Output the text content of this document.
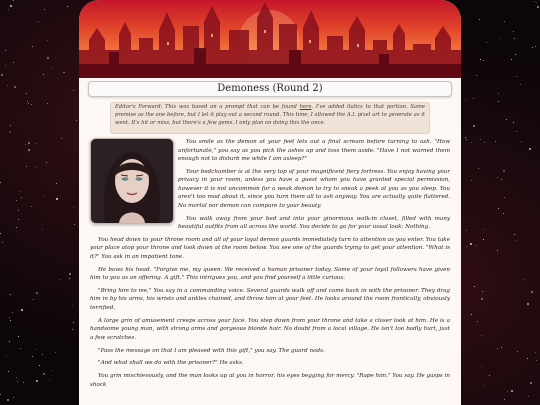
Demoness (Round 2)
Editor's Forward: This was based on a prompt that can be found here. I've added italics to that portion. Same premise as the one before, but I let it play out a second round. This time, I allowed the A.I. pixel art to generate as it went. It's hit or miss, but there's a few gems. I only plan on doing this the once.

You smile as the demon at your feet lets out a final scream before turning to ash. "How unfortunate," you say as you pick the ashes up and toss them aside. "Have I not warned them enough not to disturb me while I am asleep?"

Your bedchamber is at the very top of your magnificent fiery fortress. You enjoy having your privacy in your room, unless you have a guest whom you have granted special permission, however it is not uncommon for a weak demon to try to sneak a peek at you as you sleep. You aren't too mad about it, since you turn them all to ash anyway. You are actually quite flattered. No mortal nor demon can compare to your beauty.

You walk away from your bed and into your ginormous walk-in closet, filled with many beautiful outfits from all across the world. You decide to go for your usual look: Nothing.

You head down to your throne room and all of your loyal demon guards immediately turn to attention as you enter. You take your place atop your throne and look down at the room below. You see one of the guards trying to get your attention. "What is it?" You ask in an impatient tone.

He bows his head. "Forgive me, my queen. We received a human prisoner today. Some of your loyal followers have given him to you as an offering. A gift." This intrigues you, and you find yourself a little curious.

"Bring him to me," You say in a commanding voice. Several guards walk off and come back in with the prisoner. They drag him in by his arms, his wrists and ankles chained, and throw him at your feet. He looks around the room frantically, obviously terrified.

A large grin of amusement creeps across your face. You step down from your throne and take a closer look at him. He is a handsome young man, with strong arms and gorgeous blonde hair. No doubt from a local village. He isn't too badly hurt, just a few scratches.

"Pass the message on that I am pleased with this gift," you say. The guard nods.

"And what shall we do with the prisoner?" He asks.

You grin mischievously, and the man looks up at you in horror, his eyes begging for mercy. "Rape him." You say. He gasps in shock
